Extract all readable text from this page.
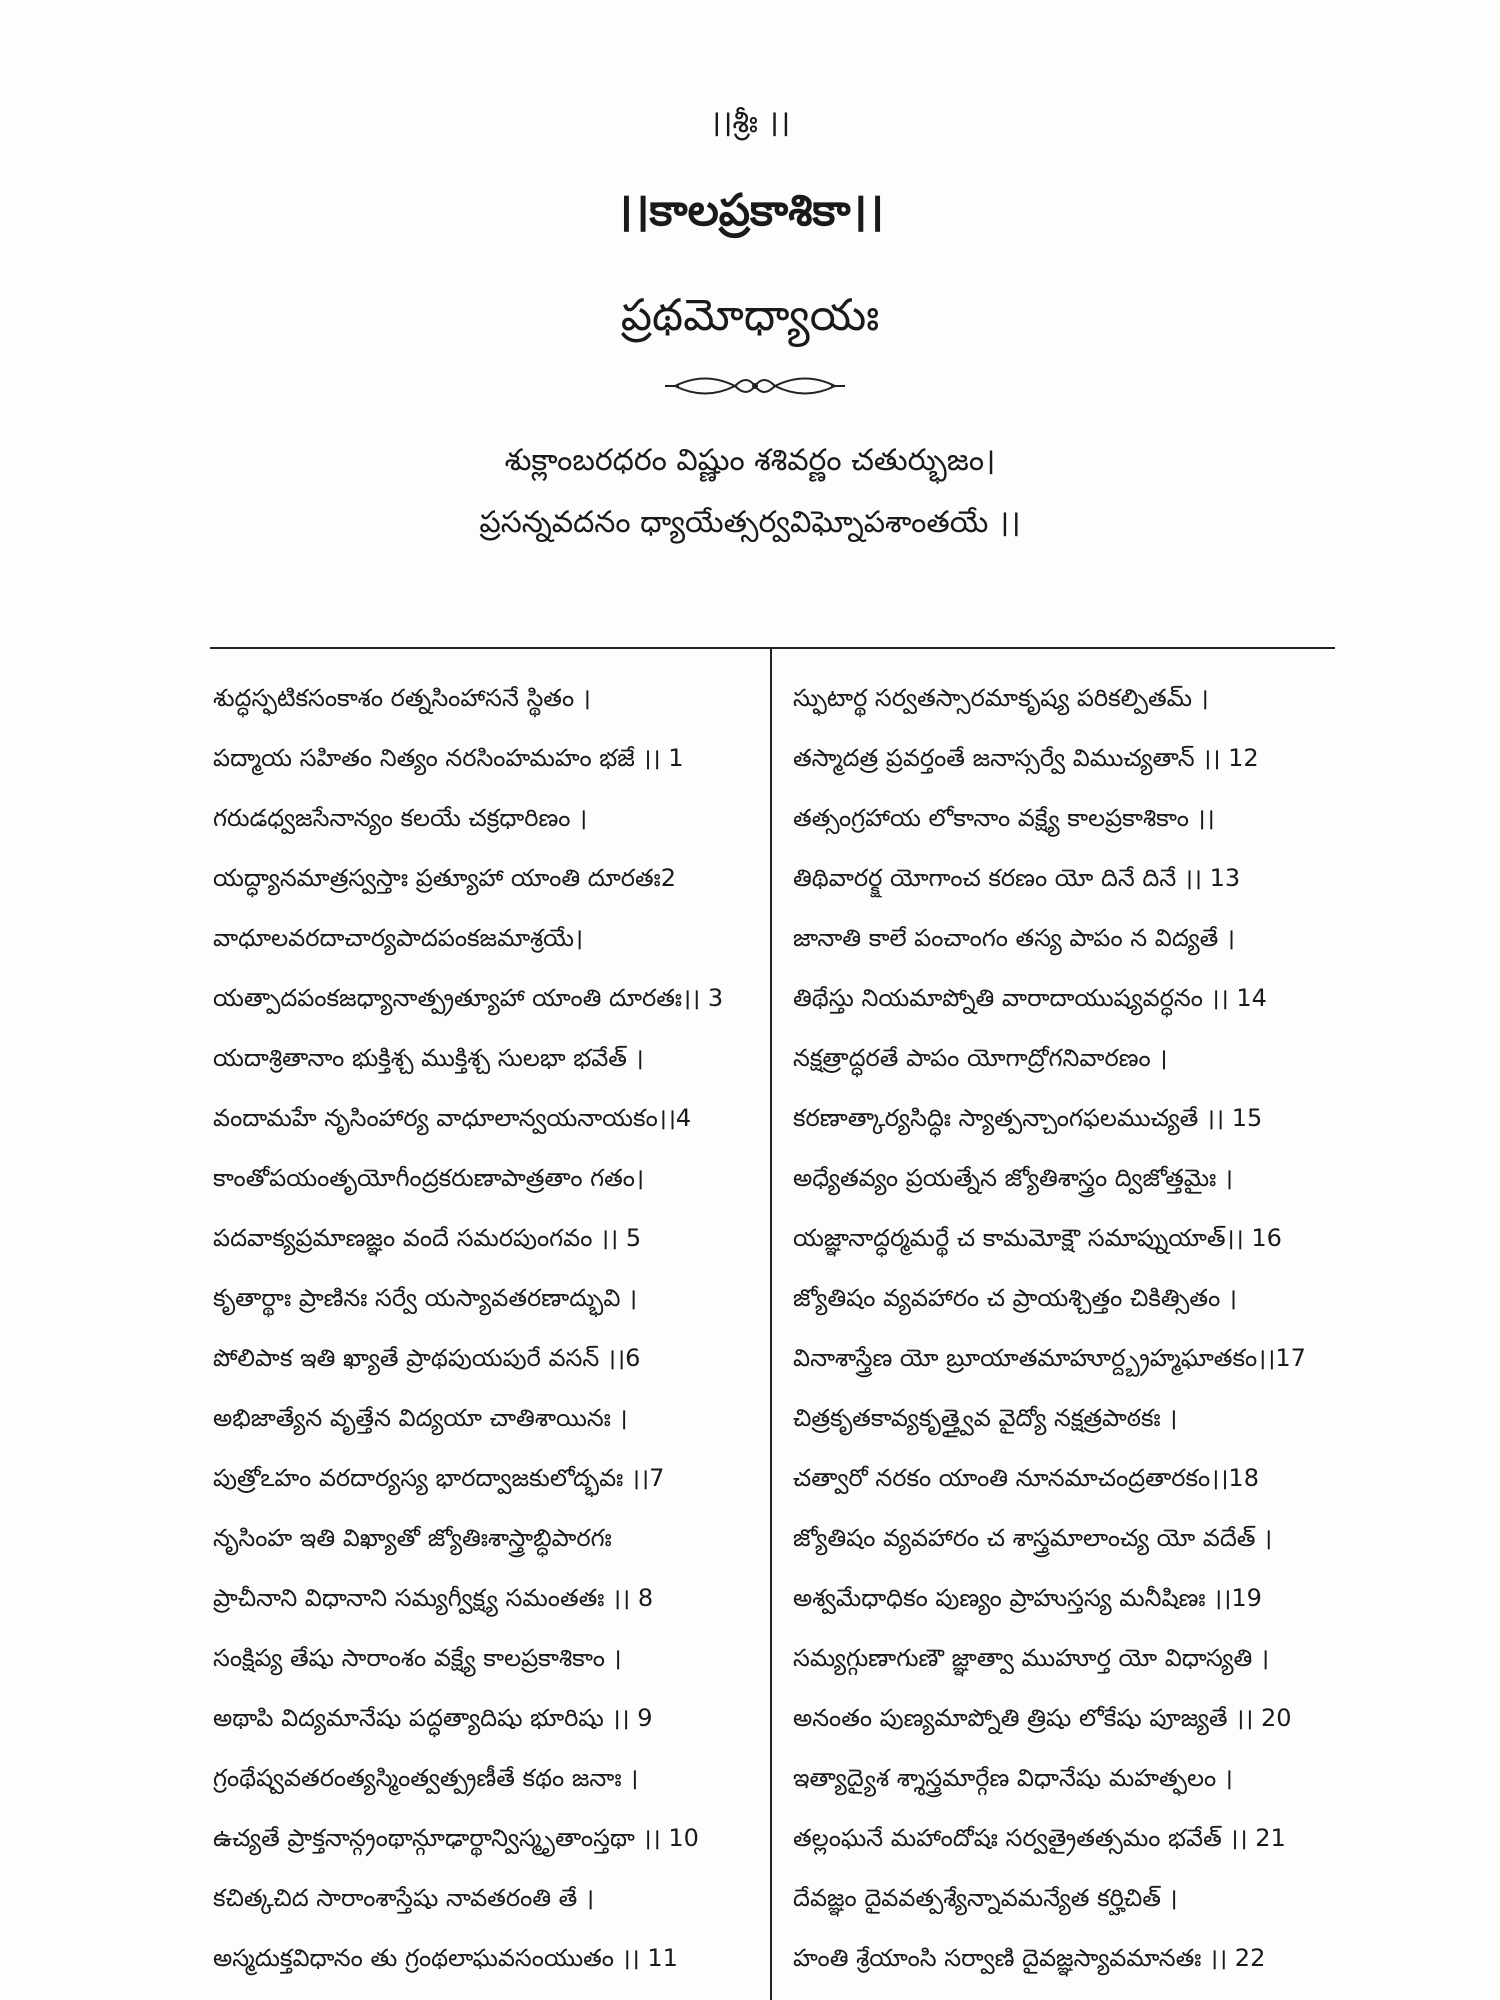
।।శ్రీః ।।
।।కాలప్రకాశికా।।
ప్రథమోధ్యాయః
శుక్లాంబరధరం విష్ణుం శశివర్ణం చతుర్భుజం।
ప్రసన్నవదనం ధ్యాయేత్సర్వవిఘ్నోపశాంతయే ।।
శుద్ధస్ఫటికసంకాశం రత్నసింహాసనే స్థితం ।
పద్మాయ సహితం నిత్యం నరసింహమహం భజే ।। 1
గరుడధ్వజసేనాన్యం కలయే చక్రధారిణం ।
యద్ధ్యానమాత్రస్వస్తాః ప్రత్యూహా యాంతి దూరతః2
వాధూలవరదాచార్యపాదపంకజమాశ్రయే।
యత్పాదపంకజధ్యానాత్ప్రత్యూహా యాంతి దూరతః।। 3
యదాశ్రితానాం భుక్తిశ్చ ముక్తిశ్చ సులభా భవేత్ ।
వందామహే నృసింహార్య వాధూలాన్వయనాయకం।।4
కాంతోపయంతృయోగీంద్రకరుణాపాత్రతాం గతం।
పదవాక్యప్రమాణజ్ఞం వందే సమరపుంగవం ।। 5
కృతార్థాః ప్రాణినః సర్వే యస్యావతరణాద్భువి ।
పోలిపాక ఇతి ఖ్యాతే ప్రాథపుయపురే వసన్ ।।6
అభిజాత్యేన వృత్తేన విద్యయా చాతిశాయినః ।
పుత్రోఽహం వరదార్యస్య భారద్వాజకులోద్భవః ।।7
నృసింహ ఇతి విఖ్యాతో జ్యోతిఃశాస్త్రాబ్ధిపారగః
ప్రాచీనాని విధానాని సమ్యగ్వీక్ష్య సమంతతః ।। 8
సంక్షిప్య తేషు సారాంశం వక్ష్యే కాలప్రకాశికాం ।
అథాపి విద్యమానేషు పద్ధత్యాదిషు భూరిషు ।। 9
గ్రంథేష్వవతరంత్యస్మింత్వత్ప్రణీతే కథం జనాః ।
ఉచ్యతే ప్రాక్తనాన్గ్రంథాన్గూఢార్థాన్విస్మృతాంస్తథా ।। 10
కచిత్కచిద సారాంశాస్తేషు నావతరంతి తే ।
అస్మదుక్తవిధానం తు గ్రంథలాఘవసంయుతం ।। 11
స్ఫుటార్థ సర్వతస్సారమాకృష్య పరికల్పితమ్ ।
తస్మాదత్ర ప్రవర్తంతే జనాస్సర్వే విముచ్యతాన్ ।। 12
తత్సంగ్రహాయ లోకానాం వక్ష్యే కాలప్రకాశికాం ।।
తిథివారర్క్ష యోగాంచ కరణం యో దినే దినే ।। 13
జానాతి కాలే పంచాంగం తస్య పాపం న విద్యతే ।
తిథేస్తు నియమాప్నోతి వారాదాయుష్యవర్ధనం ।। 14
నక్షత్రాద్ధరతే పాపం యోగాద్రోగనివారణం ।
కరణాత్కార్యసిద్ధిః స్యాత్పన్చాంగఫలముచ్యతే ।। 15
అధ్యేతవ్యం ప్రయత్నేన జ్యోతిశాస్త్రం ద్విజోత్తమైః ।
యజ్ఞానాద్ధర్మమర్థే చ కామమోక్షౌ సమాప్నుయాత్।। 16
జ్యోతిషం వ్యవహారం చ ప్రాయశ్చిత్తం చికిత్సితం ।
వినాశాస్త్రేణ యో బ్రూయాతమాహూర్ద్బ్రహ్మఘాతకం।।17
చిత్రకృతకావ్యకృత్త్వైవ వైద్యో నక్షత్రపాఠకః ।
చత్వారో నరకం యాంతి నూనమాచంద్రతారకం।।18
జ్యోతిషం వ్యవహారం చ శాస్త్రమాలాంచ్య యో వదేత్ ।
అశ్వమేధాధికం పుణ్యం ప్రాహుస్తస్య మనీషిణః ।।19
సమ్యగ్గుణాగుణౌ జ్ఞాత్వా ముహూర్త యో విధాస్యతి ।
అనంతం పుణ్యమాప్నోతి త్రిషు లోకేషు పూజ్యతే ।। 20
ఇత్యాద్యైశ శ్శాస్త్రమార్గేణ విధానేషు మహత్ఫలం ।
తల్లంఘనే మహాందోషః సర్వత్రైతత్సమం భవేత్ ।। 21
దేవజ్ఞం దైవవత్పశ్యేన్నావమన్యేత కర్హిచిత్ ।
హంతి శ్రేయాంసి సర్వాణి దైవజ్ఞస్యావమానతః ।। 22
